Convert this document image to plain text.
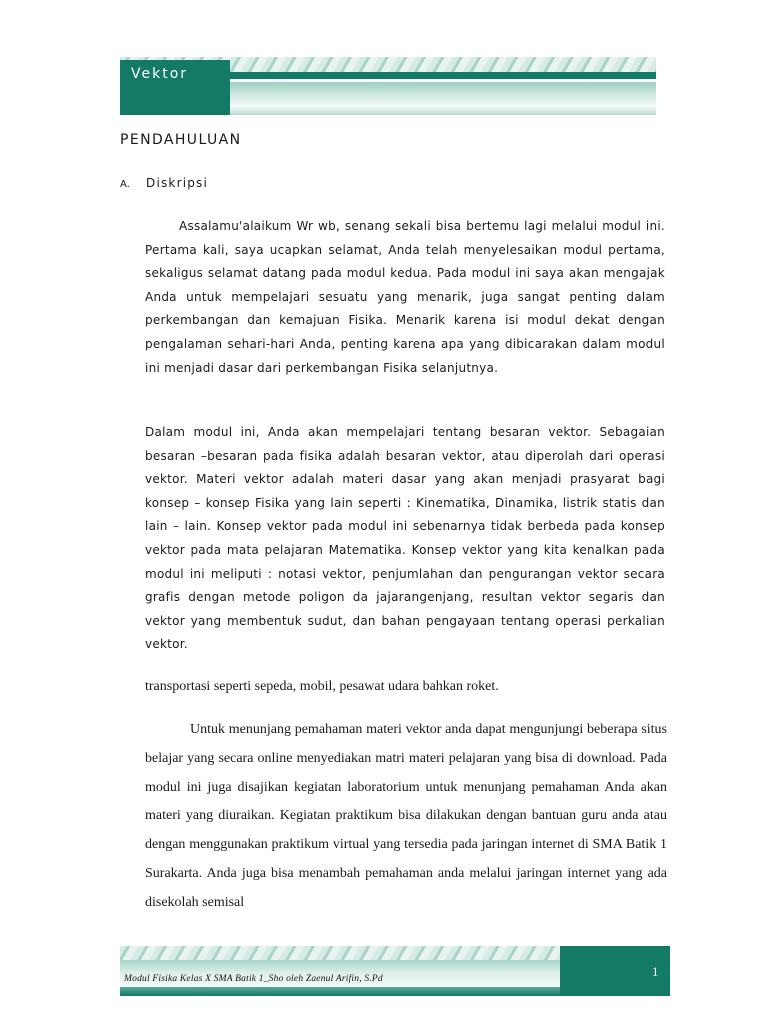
Vektor
PENDAHULUAN
A. Diskripsi

Assalamu'alaikum Wr wb, senang sekali bisa bertemu lagi melalui modul ini. Pertama kali, saya ucapkan selamat, Anda telah menyelesaikan modul pertama, sekaligus selamat datang pada modul kedua. Pada modul ini saya akan mengajak Anda untuk mempelajari sesuatu yang menarik, juga sangat penting dalam perkembangan dan kemajuan Fisika. Menarik karena isi modul dekat dengan pengalaman sehari-hari Anda, penting karena apa yang dibicarakan dalam modul ini menjadi dasar dari perkembangan Fisika selanjutnya.

Dalam modul ini, Anda akan mempelajari tentang besaran vektor. Sebagaian besaran –besaran pada fisika adalah besaran vektor, atau diperolah dari operasi vektor. Materi vektor adalah materi dasar yang akan menjadi prasyarat bagi konsep – konsep Fisika yang lain seperti : Kinematika, Dinamika, listrik statis dan lain – lain. Konsep vektor pada modul ini sebenarnya tidak berbeda pada konsep vektor pada mata pelajaran Matematika. Konsep vektor yang kita kenalkan pada modul ini meliputi : notasi vektor, penjumlahan dan pengurangan vektor secara grafis dengan metode poligon da jajarangenjang, resultan vektor segaris dan vektor yang membentuk sudut, dan bahan pengayaan tentang operasi perkalian vektor.

transportasi seperti sepeda, mobil, pesawat udara bahkan roket.

Untuk menunjang pemahaman materi vektor anda dapat mengunjungi beberapa situs belajar yang secara online menyediakan matri materi pelajaran yang bisa di download. Pada modul ini juga disajikan kegiatan laboratorium untuk menunjang pemahaman Anda akan materi yang diuraikan. Kegiatan praktikum bisa dilakukan dengan bantuan guru anda atau dengan menggunakan praktikum virtual yang tersedia pada jaringan internet di SMA Batik 1 Surakarta. Anda juga bisa menambah pemahaman anda melalui jaringan internet yang ada disekolah semisal

Modul Fisika Kelas X SMA Batik 1_Sho oleh Zaenul Arifin, S.Pd	1
